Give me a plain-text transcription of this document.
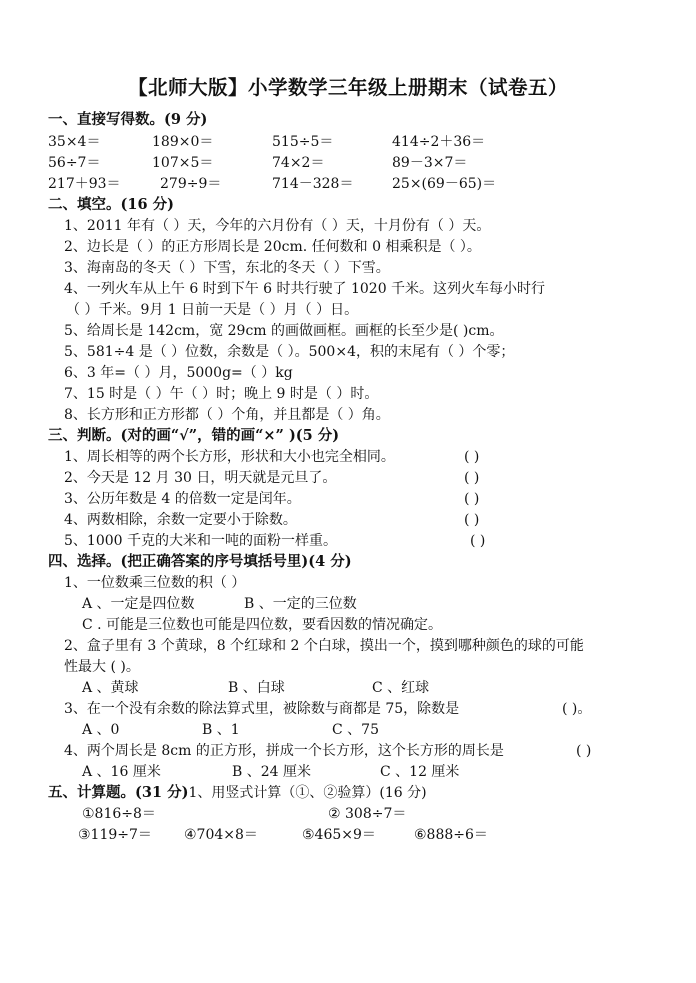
【北师大版】小学数学三年级上册期末（试卷五）
一、直接写得数。(9 分)
35×4＝	189×0＝	515÷5＝	414÷2＋36＝
56÷7＝	107×5＝	74×2＝	89－3×7＝
217＋93＝	279÷9＝	714－328＝	25×(69－65)＝
二、填空。(16 分)
1、2011 年有（ ）天，今年的六月份有（ ）天，十月份有（ ）天。
2、边长是（ ）的正方形周长是 20cm. 任何数和 0 相乘积是（ ）。
3、海南岛的冬天（ ）下雪，东北的冬天（ ）下雪。
4、一列火车从上午 6 时到下午 6 时共行驶了 1020 千米。这列火车每小时行
（ ）千米。9月 1 日前一天是（ ）月（ ）日。
5、给周长是 142cm，宽 29cm 的画做画框。画框的长至少是( )cm。
5、581÷4 是（ ）位数，余数是（ ）。500×4，积的末尾有（ ）个零；
6、3 年=（ ）月，5000g=（ ）kg
7、15 时是（ ）午（ ）时；晚上 9 时是（ ）时。
8、长方形和正方形都（ ）个角，并且都是（ ）角。
三、判断。(对的画“√”，错的画“×” )(5 分)
1、周长相等的两个长方形，形状和大小也完全相同。	( )
2、今天是 12 月 30 日，明天就是元旦了。	( )
3、公历年数是 4 的倍数一定是闰年。	( )
4、两数相除，余数一定要小于除数。	( )
5、1000 千克的大米和一吨的面粉一样重。	( )
四、选择。(把正确答案的序号填括号里)(4 分)
1、一位数乘三位数的积（ ）
A 、一定是四位数	B 、一定的三位数
C . 可能是三位数也可能是四位数，要看因数的情况确定。
2、盒子里有 3 个黄球，8 个红球和 2 个白球，摸出一个，摸到哪种颜色的球的可能
性最大 ( )。
A 、黄球	B 、白球	C 、红球
3、在一个没有余数的除法算式里，被除数与商都是 75，除数是	( )。
A 、0	B 、1	C 、75
4、两个周长是 8cm 的正方形，拼成一个长方形，这个长方形的周长是	( )
A 、16 厘米	B 、24 厘米	C 、12 厘米
五、计算题。(31 分)1、用竖式计算（①、②验算）(16 分)
①816÷8＝	② 308÷7＝
③119÷7＝ ④704×8＝	⑤465×9＝	⑥888÷6＝
